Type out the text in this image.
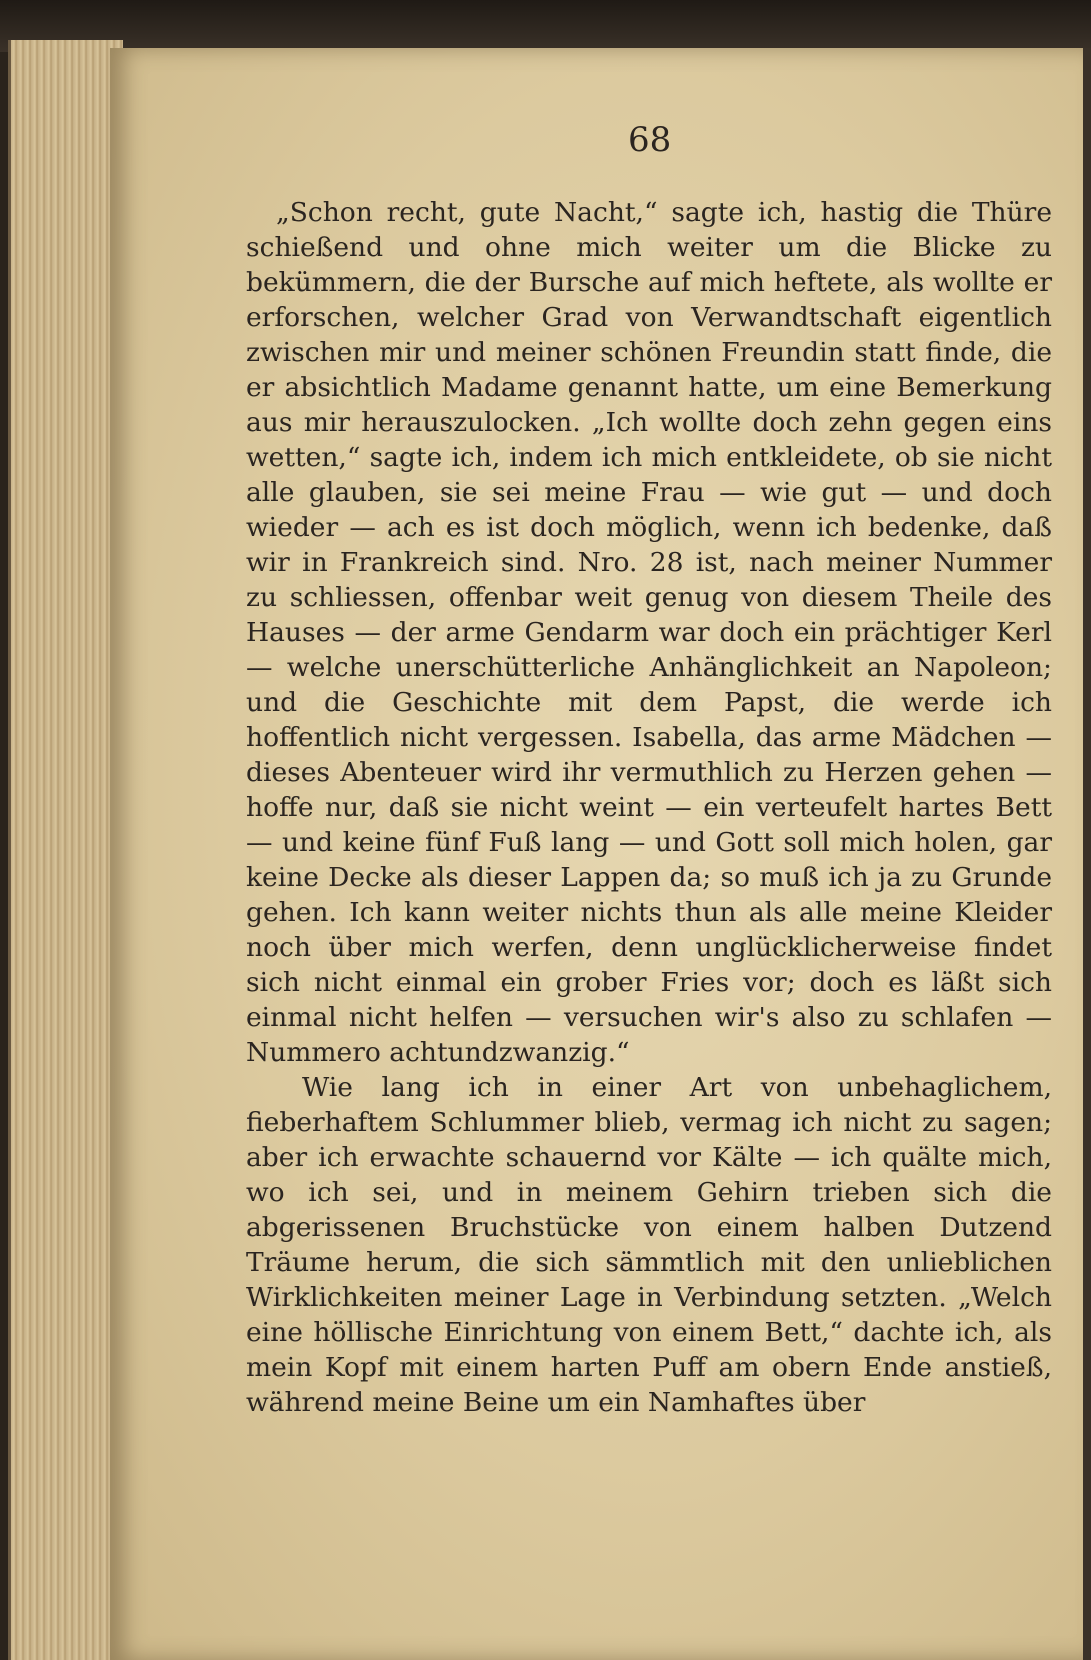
68

„Schon recht, gute Nacht,“ sagte ich, hastig die Thüre schießend und ohne mich weiter um die Blicke zu bekümmern, die der Bursche auf mich heftete, als wollte er erforschen, welcher Grad von Verwandtschaft eigentlich zwischen mir und meiner schönen Freundin statt finde, die er absichtlich Madame genannt hatte, um eine Bemerkung aus mir herauszulocken. „Ich wollte doch zehn gegen eins wetten,“ sagte ich, indem ich mich entkleidete, ob sie nicht alle glauben, sie sei meine Frau — wie gut — und doch wieder — ach es ist doch möglich, wenn ich bedenke, daß wir in Frankreich sind. Nro. 28 ist, nach meiner Nummer zu schliessen, offenbar weit genug von diesem Theile des Hauses — der arme Gendarm war doch ein prächtiger Kerl — welche unerschütterliche Anhänglichkeit an Napoleon; und die Geschichte mit dem Papst, die werde ich hoffentlich nicht vergessen. Isabella, das arme Mädchen — dieses Abenteuer wird ihr vermuthlich zu Herzen gehen — hoffe nur, daß sie nicht weint — ein verteufelt hartes Bett — und keine fünf Fuß lang — und Gott soll mich holen, gar keine Decke als dieser Lappen da; so muß ich ja zu Grunde gehen. Ich kann weiter nichts thun als alle meine Kleider noch über mich werfen, denn unglücklicherweise findet sich nicht einmal ein grober Fries vor; doch es läßt sich einmal nicht helfen — versuchen wir's also zu schlafen — Nummero achtundzwanzig.“

Wie lang ich in einer Art von unbehaglichem, fieberhaftem Schlummer blieb, vermag ich nicht zu sagen; aber ich erwachte schauernd vor Kälte — ich quälte mich, wo ich sei, und in meinem Gehirn trieben sich die abgerissenen Bruchstücke von einem halben Dutzend Träume herum, die sich sämmtlich mit den unlieblichen Wirklichkeiten meiner Lage in Verbindung setzten. „Welch eine höllische Einrichtung von einem Bett,“ dachte ich, als mein Kopf mit einem harten Puff am obern Ende anstieß, während meine Beine um ein Namhaftes über
